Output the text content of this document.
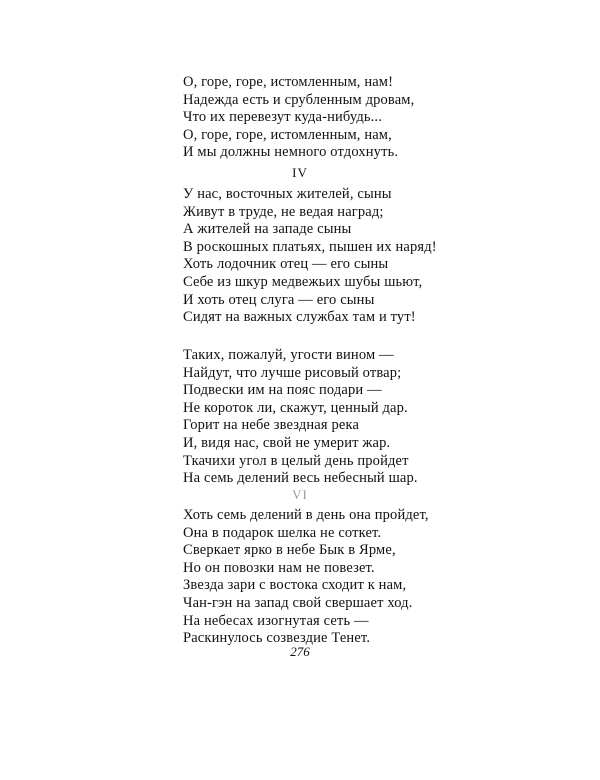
О, горе, горе, истомленным, нам!
Надежда есть и срубленным дровам,
Что их перевезут куда-нибудь...
О, горе, горе, истомленным, нам,
И мы должны немного отдохнуть.
IV
У нас, восточных жителей, сыны
Живут в труде, не ведая наград;
А жителей на западе сыны
В роскошных платьях, пышен их наряд!
Хоть лодочник отец — его сыны
Себе из шкур медвежьих шубы шьют,
И хоть отец слуга — его сыны
Сидят на важных службах там и тут!
Таких, пожалуй, угости вином —
Найдут, что лучше рисовый отвар;
Подвески им на пояс подари —
Не короток ли, скажут, ценный дар.
Горит на небе звездная река
И, видя нас, свой не умерит жар.
Ткачихи угол в целый день пройдет
На семь делений весь небесный шар.
VI
Хоть семь делений в день она пройдет,
Она в подарок шелка не соткет.
Сверкает ярко в небе Бык в Ярме,
Но он повозки нам не повезет.
Звезда зари с востока сходит к нам,
Чан-гэн на запад свой свершает ход.
На небесах изогнутая сеть —
Раскинулось созвездие Тенет.
276
